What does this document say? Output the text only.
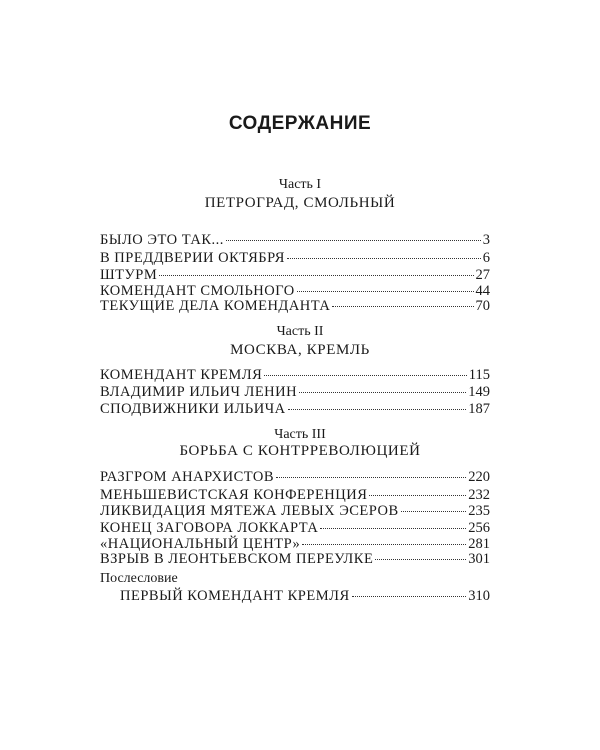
СОДЕРЖАНИЕ
Часть I
ПЕТРОГРАД, СМОЛЬНЫЙ
БЫЛО ЭТО ТАК...	3
В ПРЕДДВЕРИИ ОКТЯБРЯ	6
ШТУРМ	27
КОМЕНДАНТ СМОЛЬНОГО	44
ТЕКУЩИЕ ДЕЛА КОМЕНДАНТА	70
Часть II
МОСКВА, КРЕМЛЬ
КОМЕНДАНТ КРЕМЛЯ	115
ВЛАДИМИР ИЛЬИЧ ЛЕНИН	149
СПОДВИЖНИКИ ИЛЬИЧА	187
Часть III
БОРЬБА С КОНТРРЕВОЛЮЦИЕЙ
РАЗГРОМ АНАРХИСТОВ	220
МЕНЬШЕВИСТСКАЯ КОНФЕРЕНЦИЯ	232
ЛИКВИДАЦИЯ МЯТЕЖА ЛЕВЫХ ЭСЕРОВ	235
КОНЕЦ ЗАГОВОРА ЛОККАРТА	256
«НАЦИОНАЛЬНЫЙ ЦЕНТР»	281
ВЗРЫВ В ЛЕОНТЬЕВСКОМ ПЕРЕУЛКЕ	301
Послесловие
ПЕРВЫЙ КОМЕНДАНТ КРЕМЛЯ	310
